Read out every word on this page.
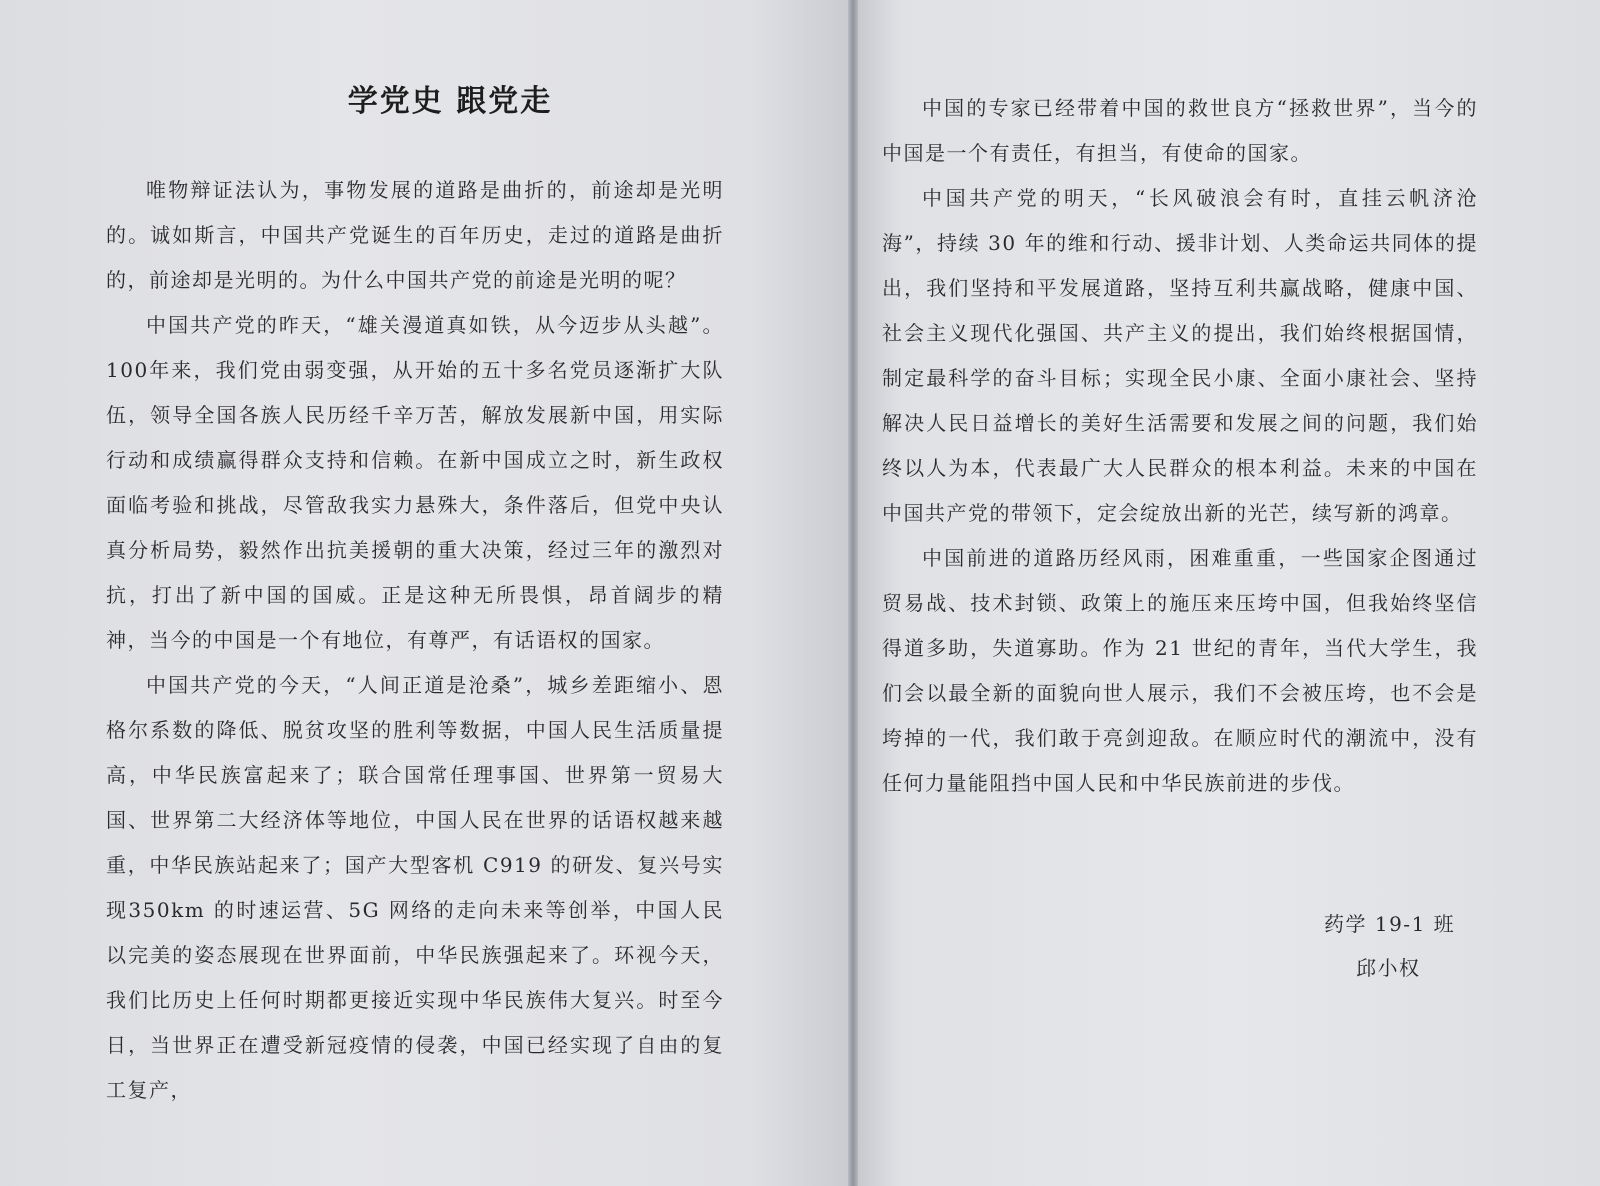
学党史 跟党走

唯物辩证法认为，事物发展的道路是曲折的，前途却是光明的。诚如斯言，中国共产党诞生的百年历史，走过的道路是曲折的，前途却是光明的。为什么中国共产党的前途是光明的呢？

中国共产党的昨天，“雄关漫道真如铁，从今迈步从头越”。100年来，我们党由弱变强，从开始的五十多名党员逐渐扩大队伍，领导全国各族人民历经千辛万苦，解放发展新中国，用实际行动和成绩赢得群众支持和信赖。在新中国成立之时，新生政权面临考验和挑战，尽管敌我实力悬殊大，条件落后，但党中央认真分析局势，毅然作出抗美援朝的重大决策，经过三年的激烈对抗，打出了新中国的国威。正是这种无所畏惧，昂首阔步的精神，当今的中国是一个有地位，有尊严，有话语权的国家。

中国共产党的今天，“人间正道是沧桑”，城乡差距缩小、恩格尔系数的降低、脱贫攻坚的胜利等数据，中国人民生活质量提高，中华民族富起来了；联合国常任理事国、世界第一贸易大国、世界第二大经济体等地位，中国人民在世界的话语权越来越重，中华民族站起来了；国产大型客机 C919 的研发、复兴号实现350km 的时速运营、5G 网络的走向未来等创举，中国人民以完美的姿态展现在世界面前，中华民族强起来了。环视今天，我们比历史上任何时期都更接近实现中华民族伟大复兴。时至今日，当世界正在遭受新冠疫情的侵袭，中国已经实现了自由的复工复产，

中国的专家已经带着中国的救世良方“拯救世界”，当今的中国是一个有责任，有担当，有使命的国家。

中国共产党的明天，“长风破浪会有时，直挂云帆济沧海”，持续 30 年的维和行动、援非计划、人类命运共同体的提出，我们坚持和平发展道路，坚持互利共赢战略，健康中国、社会主义现代化强国、共产主义的提出，我们始终根据国情，制定最科学的奋斗目标；实现全民小康、全面小康社会、坚持解决人民日益增长的美好生活需要和发展之间的问题，我们始终以人为本，代表最广大人民群众的根本利益。未来的中国在中国共产党的带领下，定会绽放出新的光芒，续写新的鸿章。

中国前进的道路历经风雨，困难重重，一些国家企图通过贸易战、技术封锁、政策上的施压来压垮中国，但我始终坚信得道多助，失道寡助。作为 21 世纪的青年，当代大学生，我们会以最全新的面貌向世人展示，我们不会被压垮，也不会是垮掉的一代，我们敢于亮剑迎敌。在顺应时代的潮流中，没有任何力量能阻挡中国人民和中华民族前进的步伐。

药学 19-1 班
邱小权
